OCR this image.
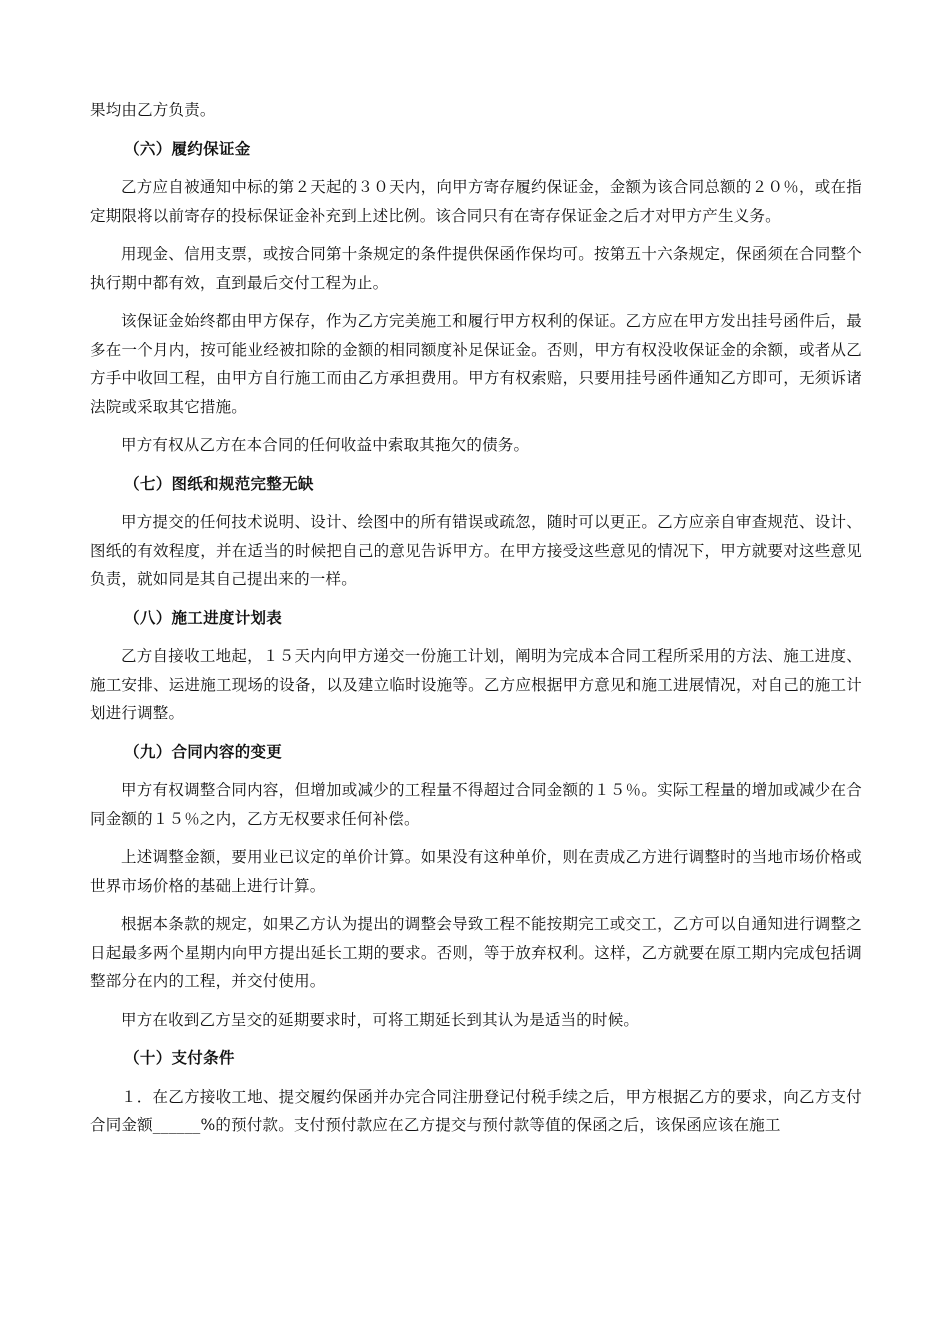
果均由乙方负责。

（六）履约保证金

乙方应自被通知中标的第２天起的３０天内，向甲方寄存履约保证金，金额为该合同总额的２０％，或在指定期限将以前寄存的投标保证金补充到上述比例。该合同只有在寄存保证金之后才对甲方产生义务。

用现金、信用支票，或按合同第十条规定的条件提供保函作保均可。按第五十六条规定，保函须在合同整个执行期中都有效，直到最后交付工程为止。

该保证金始终都由甲方保存，作为乙方完美施工和履行甲方权利的保证。乙方应在甲方发出挂号函件后，最多在一个月内，按可能业经被扣除的金额的相同额度补足保证金。否则，甲方有权没收保证金的余额，或者从乙方手中收回工程，由甲方自行施工而由乙方承担费用。甲方有权索赔，只要用挂号函件通知乙方即可，无须诉诸法院或采取其它措施。

甲方有权从乙方在本合同的任何收益中索取其拖欠的债务。

（七）图纸和规范完整无缺

甲方提交的任何技术说明、设计、绘图中的所有错误或疏忽，随时可以更正。乙方应亲自审查规范、设计、图纸的有效程度，并在适当的时候把自己的意见告诉甲方。在甲方接受这些意见的情况下，甲方就要对这些意见负责，就如同是其自己提出来的一样。

（八）施工进度计划表

乙方自接收工地起，１５天内向甲方递交一份施工计划，阐明为完成本合同工程所采用的方法、施工进度、施工安排、运进施工现场的设备，以及建立临时设施等。乙方应根据甲方意见和施工进展情况，对自己的施工计划进行调整。

（九）合同内容的变更

甲方有权调整合同内容，但增加或减少的工程量不得超过合同金额的１５％。实际工程量的增加或减少在合同金额的１５％之内，乙方无权要求任何补偿。

上述调整金额，要用业已议定的单价计算。如果没有这种单价，则在责成乙方进行调整时的当地市场价格或世界市场价格的基础上进行计算。

根据本条款的规定，如果乙方认为提出的调整会导致工程不能按期完工或交工，乙方可以自通知进行调整之日起最多两个星期内向甲方提出延长工期的要求。否则，等于放弃权利。这样，乙方就要在原工期内完成包括调整部分在内的工程，并交付使用。

甲方在收到乙方呈交的延期要求时，可将工期延长到其认为是适当的时候。

（十）支付条件

１．在乙方接收工地、提交履约保函并办完合同注册登记付税手续之后，甲方根据乙方的要求，向乙方支付合同金额______%的预付款。支付预付款应在乙方提交与预付款等值的保函之后，该保函应该在施工
